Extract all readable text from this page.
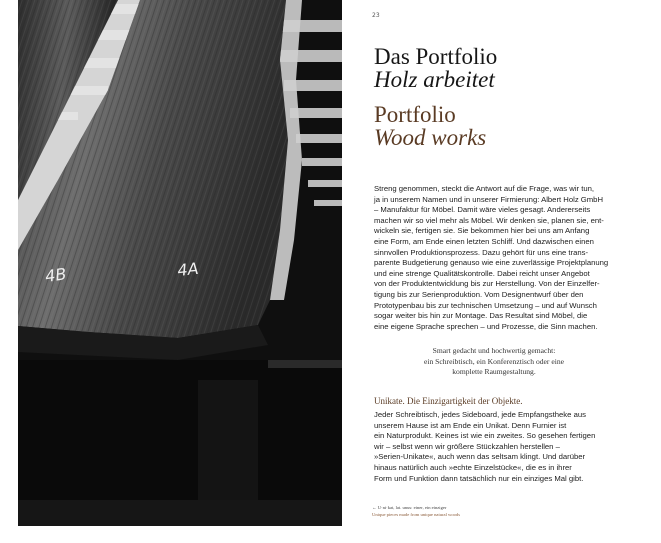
4B	4A
23
Das Portfolio
Holz arbeitet
Portfolio
Wood works

Streng genommen, steckt die Antwort auf die Frage, was wir tun,

ja in unserem Namen und in unserer Firmierung: Albert Holz GmbH

– Manufaktur für Möbel. Damit wäre vieles gesagt. Andererseits

machen wir so viel mehr als Möbel. Wir denken sie, planen sie, ent-

wickeln sie, fertigen sie. Sie bekommen hier bei uns am Anfang

eine Form, am Ende einen letzten Schliff. Und dazwischen einen

sinnvollen Produktionsprozess. Dazu gehört für uns eine trans-

parente Budgetierung genauso wie eine zuverlässige Projektplanung

und eine strenge Qualitätskontrolle. Dabei reicht unser Angebot

von der Produktentwicklung bis zur Herstellung. Von der Einzelfer-

tigung bis zur Serienproduktion. Vom Designentwurf über den

Prototypenbau bis zur technischen Umsetzung – und auf Wunsch

sogar weiter bis hin zur Montage. Das Resultat sind Möbel, die

eine eigene Sprache sprechen – und Prozesse, die Sinn machen.

Smart gedacht und hochwertig gemacht:

ein Schreibtisch, ein Konferenztisch oder eine

komplette Raumgestaltung.

Unikate. Die Einzigartigkeit der Objekte.

Jeder Schreibtisch, jedes Sideboard, jede Empfangstheke aus

unserem Hause ist am Ende ein Unikat. Denn Furnier ist

ein Naturprodukt. Keines ist wie ein zweites. So gesehen fertigen

wir – selbst wenn wir größere Stückzahlen herstellen –

»Serien-Unikate«, auch wenn das seltsam klingt. Und darüber

hinaus natürlich auch »echte Einzelstücke«, die es in ihrer

Form und Funktion dann tatsächlich nur ein einziges Mal gibt.

← U·ni·kat, lat. unus: einer, ein einziger
Unique pieces made from unique natural woods
